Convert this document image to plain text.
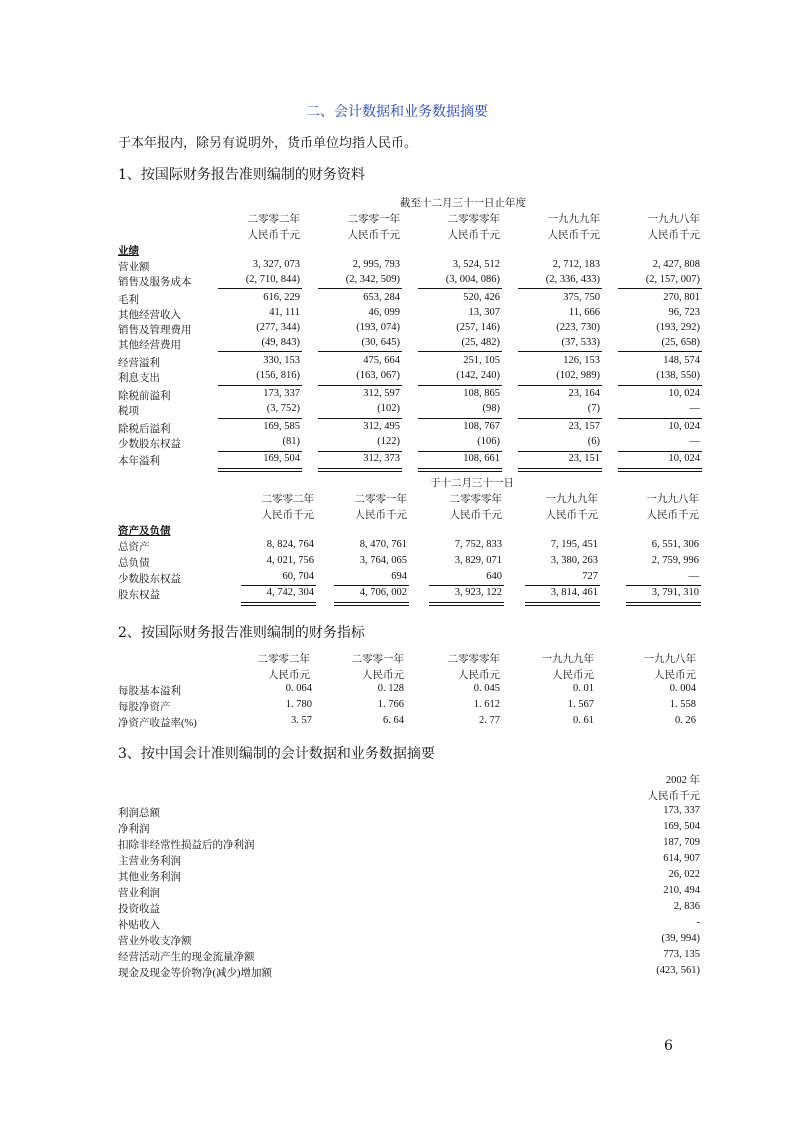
二、会计数据和业务数据摘要
于本年报内，除另有说明外，货币单位均指人民币。
1、按国际财务报告准则编制的财务资料
截至十二月三十一日止年度
二零零二年	二零零一年	二零零零年	一九九九年	一九九八年
人民币千元	人民币千元	人民币千元	人民币千元	人民币千元
业绩
营业额	3, 327, 073	2, 995, 793	3, 524, 512	2, 712, 183	2, 427, 808
销售及服务成本	(2, 710, 844)	(2, 342, 509)	(3, 004, 086)	(2, 336, 433)	(2, 157, 007)
毛利	616, 229	653, 284	520, 426	375, 750	270, 801
其他经营收入	41, 111	46, 099	13, 307	11, 666	96, 723
销售及管理费用	(277, 344)	(193, 074)	(257, 146)	(223, 730)	(193, 292)
其他经营费用	(49, 843)	(30, 645)	(25, 482)	(37, 533)	(25, 658)
经营溢利	330, 153	475, 664	251, 105	126, 153	148, 574
利息支出	(156, 816)	(163, 067)	(142, 240)	(102, 989)	(138, 550)
除税前溢利	173, 337	312, 597	108, 865	23, 164	10, 024
税项	(3, 752)	(102)	(98)	(7)	—
除税后溢利	169, 585	312, 495	108, 767	23, 157	10, 024
少数股东权益	(81)	(122)	(106)	(6)	—
本年溢利	169, 504	312, 373	108, 661	23, 151	10, 024
于十二月三十一日
二零零二年	二零零一年	二零零零年	一九九九年	一九九八年
人民币千元	人民币千元	人民币千元	人民币千元	人民币千元
资产及负债
总资产	8, 824, 764	8, 470, 761	7, 752, 833	7, 195, 451	6, 551, 306
总负债	4, 021, 756	3, 764, 065	3, 829, 071	3, 380, 263	2, 759, 996
少数股东权益	60, 704	694	640	727	—
股东权益	4, 742, 304	4, 706, 002	3, 923, 122	3, 814, 461	3, 791, 310
2、按国际财务报告准则编制的财务指标
二零零二年	二零零一年	二零零零年	一九九九年	一九九八年
人民币元	人民币元	人民币元	人民币元	人民币元
每股基本溢利	0. 064	0. 128	0. 045	0. 01	0. 004
每股净资产	1. 780	1. 766	1. 612	1. 567	1. 558
净资产收益率(%)	3. 57	6. 64	2. 77	0. 61	0. 26
3、按中国会计准则编制的会计数据和业务数据摘要
2002 年
人民币千元
利润总额	173, 337
净利润	169, 504
扣除非经常性损益后的净利润	187, 709
主营业务利润	614, 907
其他业务利润	26, 022
营业利润	210, 494
投资收益	2, 836
补贴收入	-
营业外收支净额	(39, 994)
经营活动产生的现金流量净额	773, 135
现金及现金等价物净(减少)增加额	(423, 561)
6
